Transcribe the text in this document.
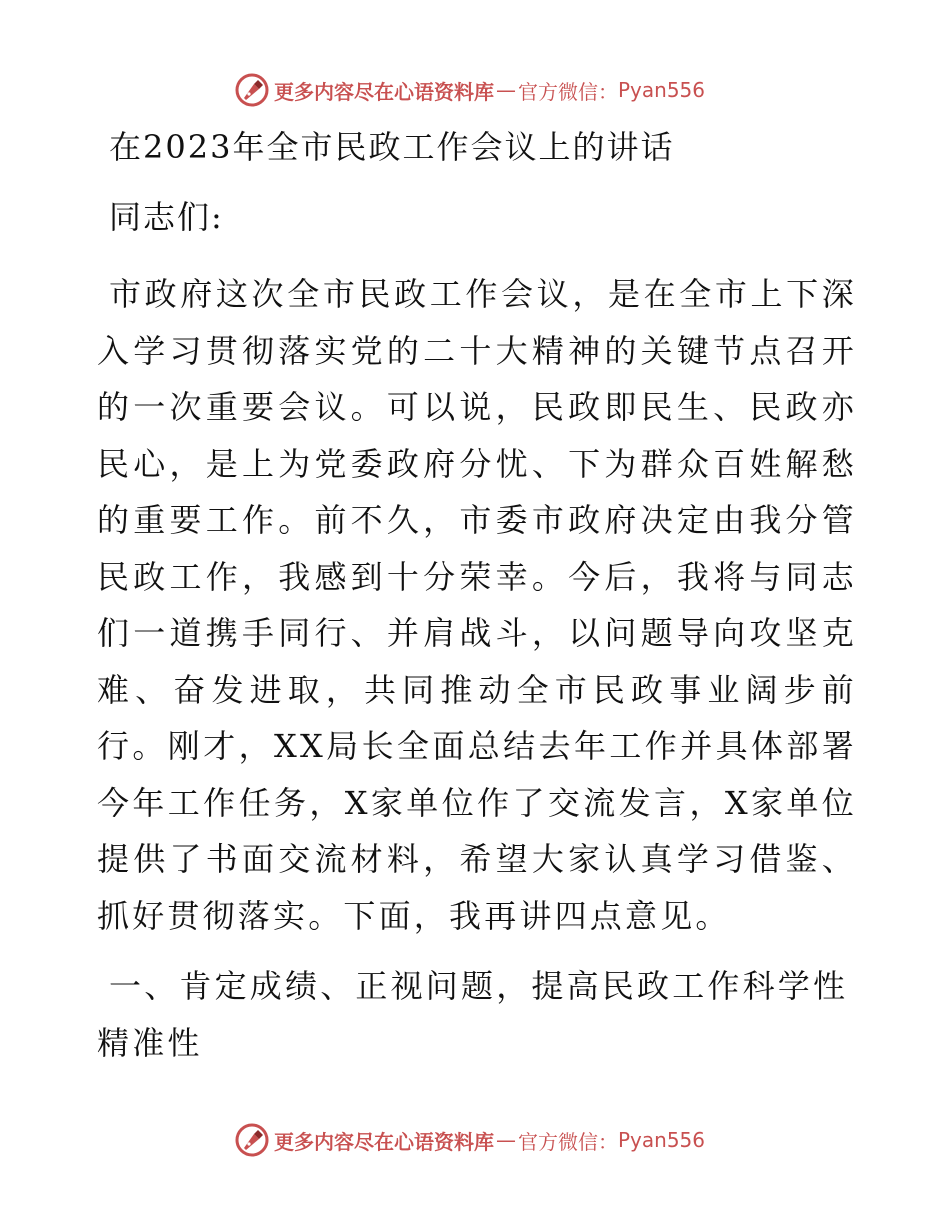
更多内容尽在心语资料库 — 官方微信： Pyan556
在2023年全市民政工作会议上的讲话
同志们:

市政府这次全市民政工作会议，是在全市上下深入学习贯彻落实党的二十大精神的关键节点召开的一次重要会议。可以说，民政即民生、民政亦民心，是上为党委政府分忧、下为群众百姓解愁的重要工作。前不久，市委市政府决定由我分管民政工作，我感到十分荣幸。今后，我将与同志们一道携手同行、并肩战斗，以问题导向攻坚克难、奋发进取，共同推动全市民政事业阔步前行。刚才，XX局长全面总结去年工作并具体部署今年工作任务，X家单位作了交流发言，X家单位提供了书面交流材料，希望大家认真学习借鉴、抓好贯彻落实。下面，我再讲四点意见。

一、肯定成绩、正视问题，提高民政工作科学性精准性

更多内容尽在心语资料库 — 官方微信： Pyan556
